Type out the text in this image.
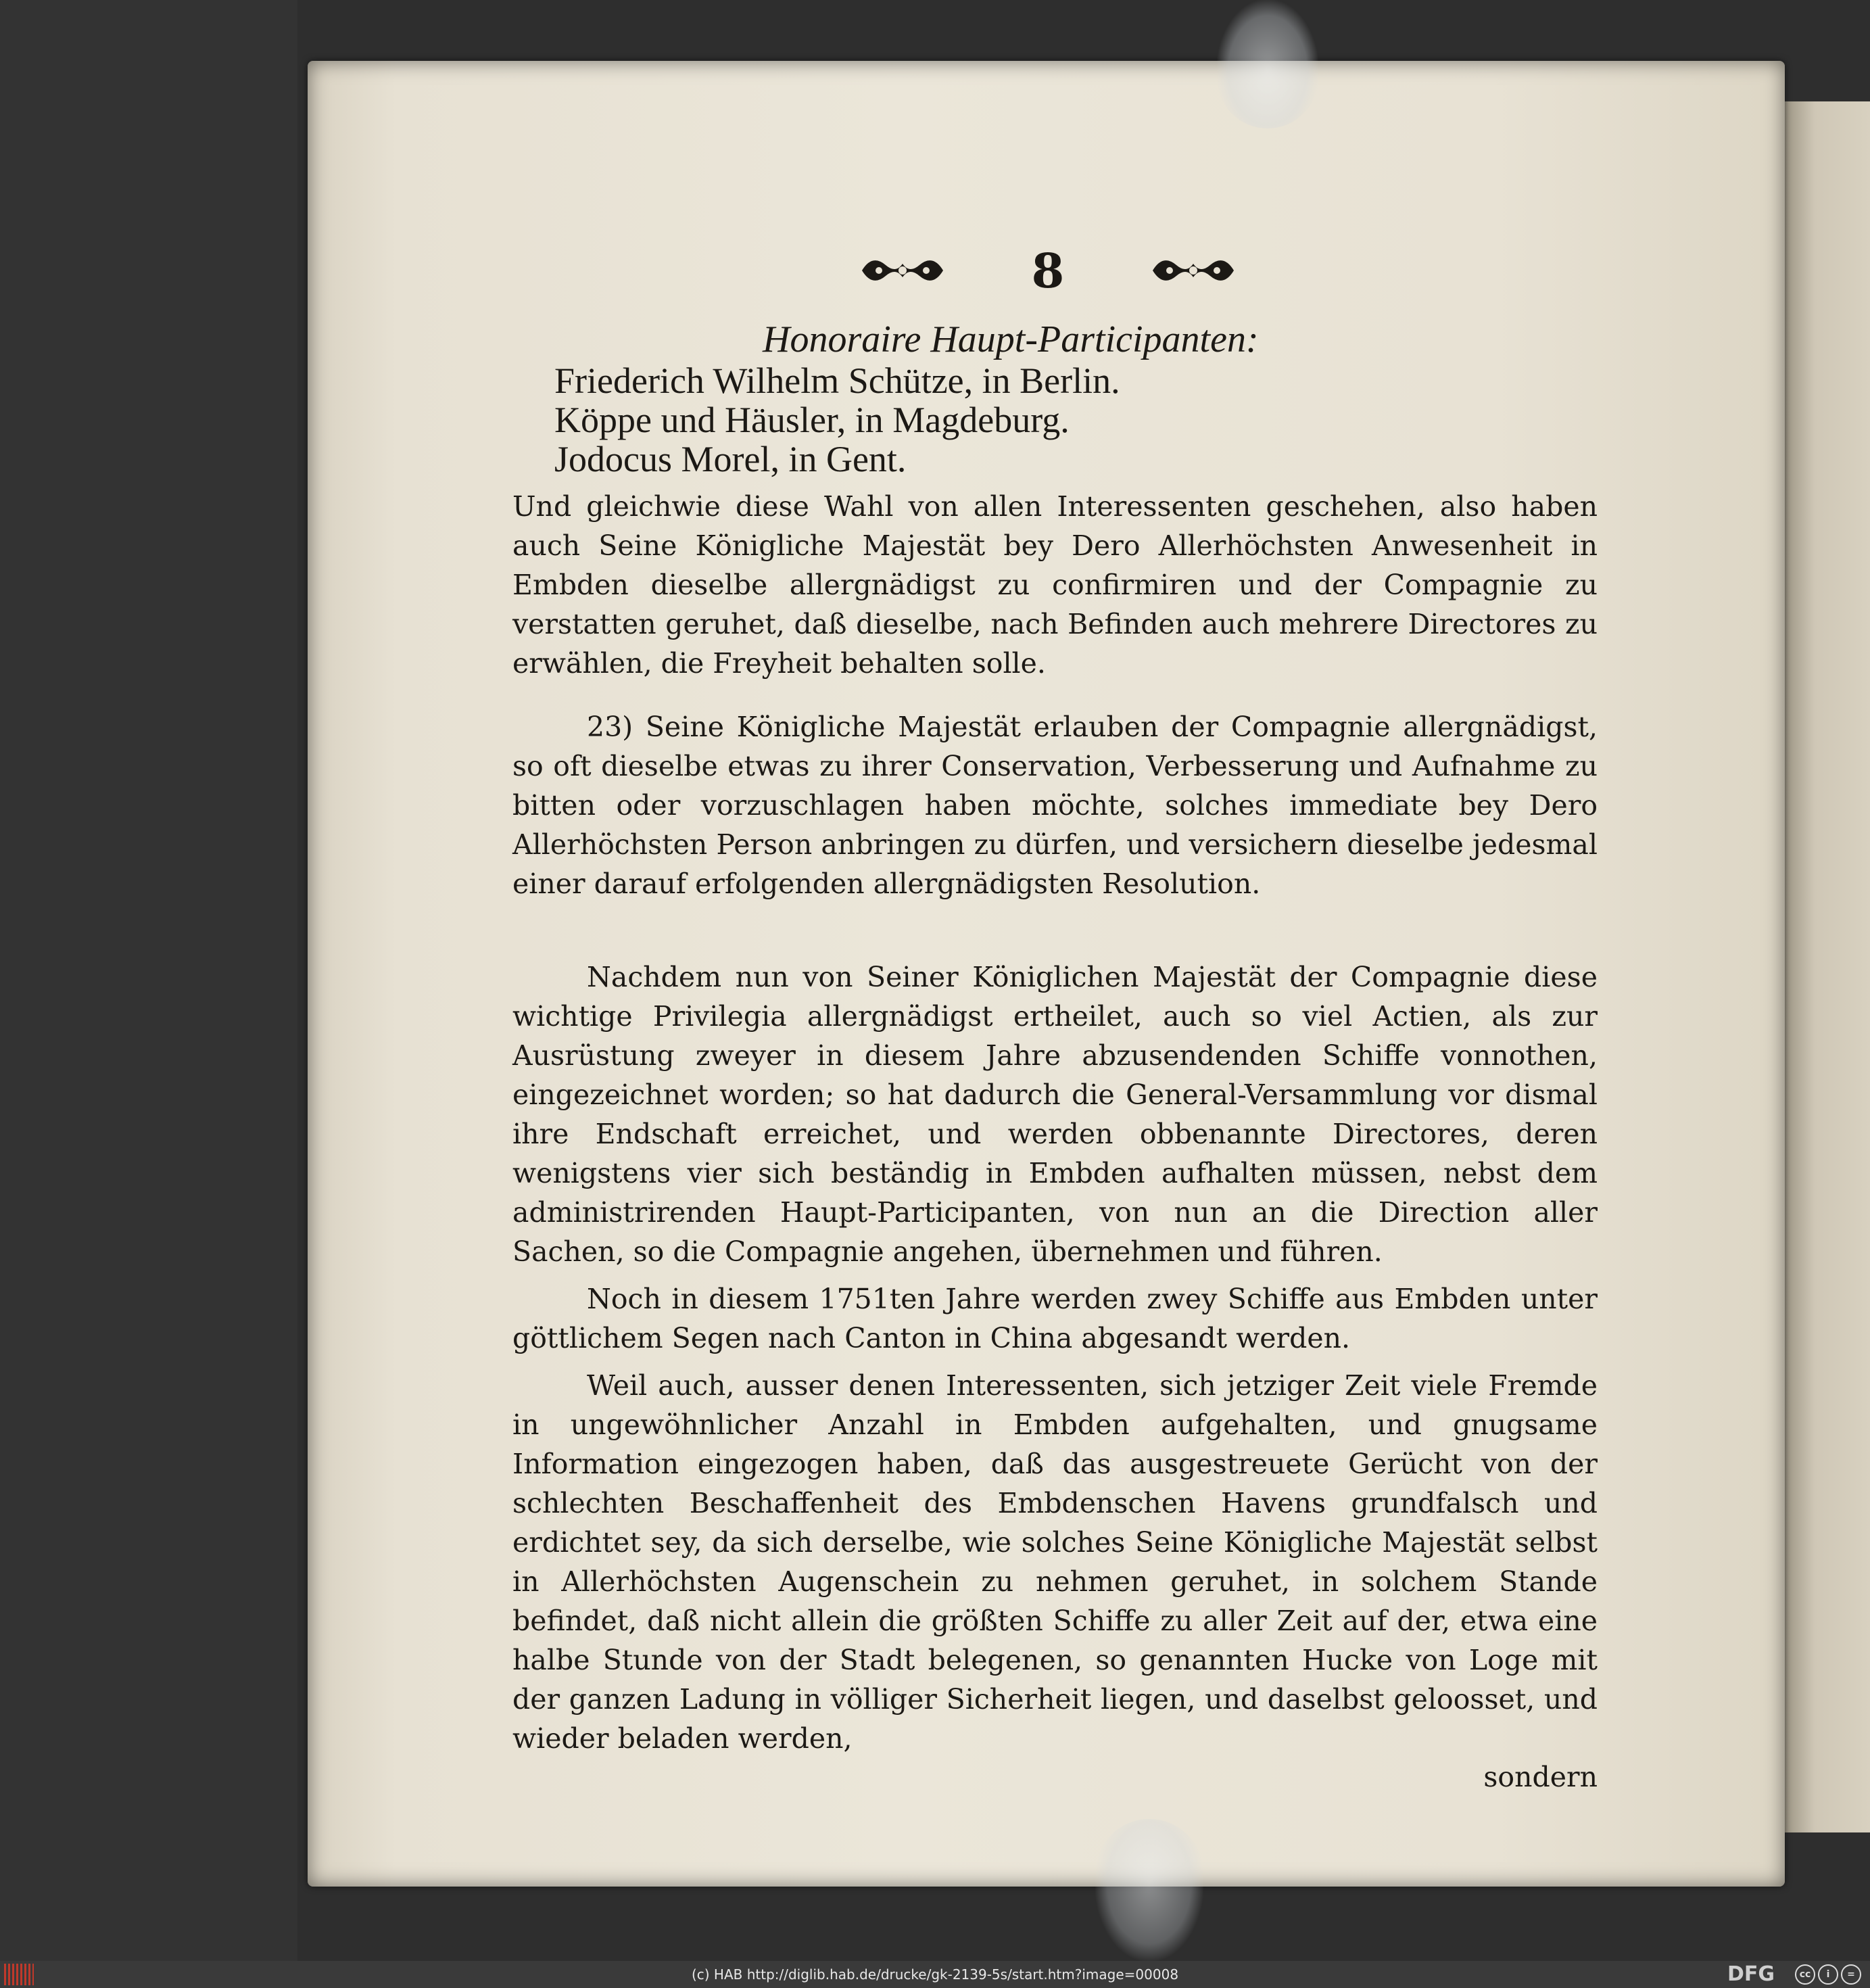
8
Honoraire Haupt-Participanten:
Friederich Wilhelm Schütze, in Berlin.
Köppe und Häusler, in Magdeburg.
Jodocus Morel, in Gent.

Und gleichwie diese Wahl von allen Interessenten geschehen, also haben auch Seine Königliche Majestät bey Dero Allerhöchsten Anwesenheit in Embden dieselbe allergnädigst zu confirmiren und der Compagnie zu verstatten geruhet, daß dieselbe, nach Befinden auch mehrere Directores zu erwählen, die Freyheit behalten solle.

23) Seine Königliche Majestät erlauben der Compagnie allergnädigst, so oft dieselbe etwas zu ihrer Conservation, Verbesserung und Aufnahme zu bitten oder vorzuschlagen haben möchte, solches immediate bey Dero Allerhöchsten Person anbringen zu dürfen, und versichern dieselbe jedesmal einer darauf erfolgenden allergnädigsten Resolution.

Nachdem nun von Seiner Königlichen Majestät der Compagnie diese wichtige Privilegia allergnädigst ertheilet, auch so viel Actien, als zur Ausrüstung zweyer in diesem Jahre abzusendenden Schiffe vonnothen, eingezeichnet worden; so hat dadurch die General-Versammlung vor dismal ihre Endschaft erreichet, und werden obbenannte Directores, deren wenigstens vier sich beständig in Embden aufhalten müssen, nebst dem administrirenden Haupt-Participanten, von nun an die Direction aller Sachen, so die Compagnie angehen, übernehmen und führen.

Noch in diesem 1751ten Jahre werden zwey Schiffe aus Embden unter göttlichem Segen nach Canton in China abgesandt werden.

Weil auch, ausser denen Interessenten, sich jetziger Zeit viele Fremde in ungewöhnlicher Anzahl in Embden aufgehalten, und gnugsame Information eingezogen haben, daß das ausgestreuete Gerücht von der schlechten Beschaffenheit des Embdenschen Havens grundfalsch und erdichtet sey, da sich derselbe, wie solches Seine Königliche Majestät selbst in Allerhöchsten Augenschein zu nehmen geruhet, in solchem Stande befindet, daß nicht allein die größten Schiffe zu aller Zeit auf der, etwa eine halbe Stunde von der Stadt belegenen, so genannten Hucke von Loge mit der ganzen Ladung in völliger Sicherheit liegen, und daselbst geloosset, und wieder beladen werden,

sondern
(c) HAB http://diglib.hab.de/drucke/gk-2139-5s/start.htm?image=00008	DFG	cc	i	=
